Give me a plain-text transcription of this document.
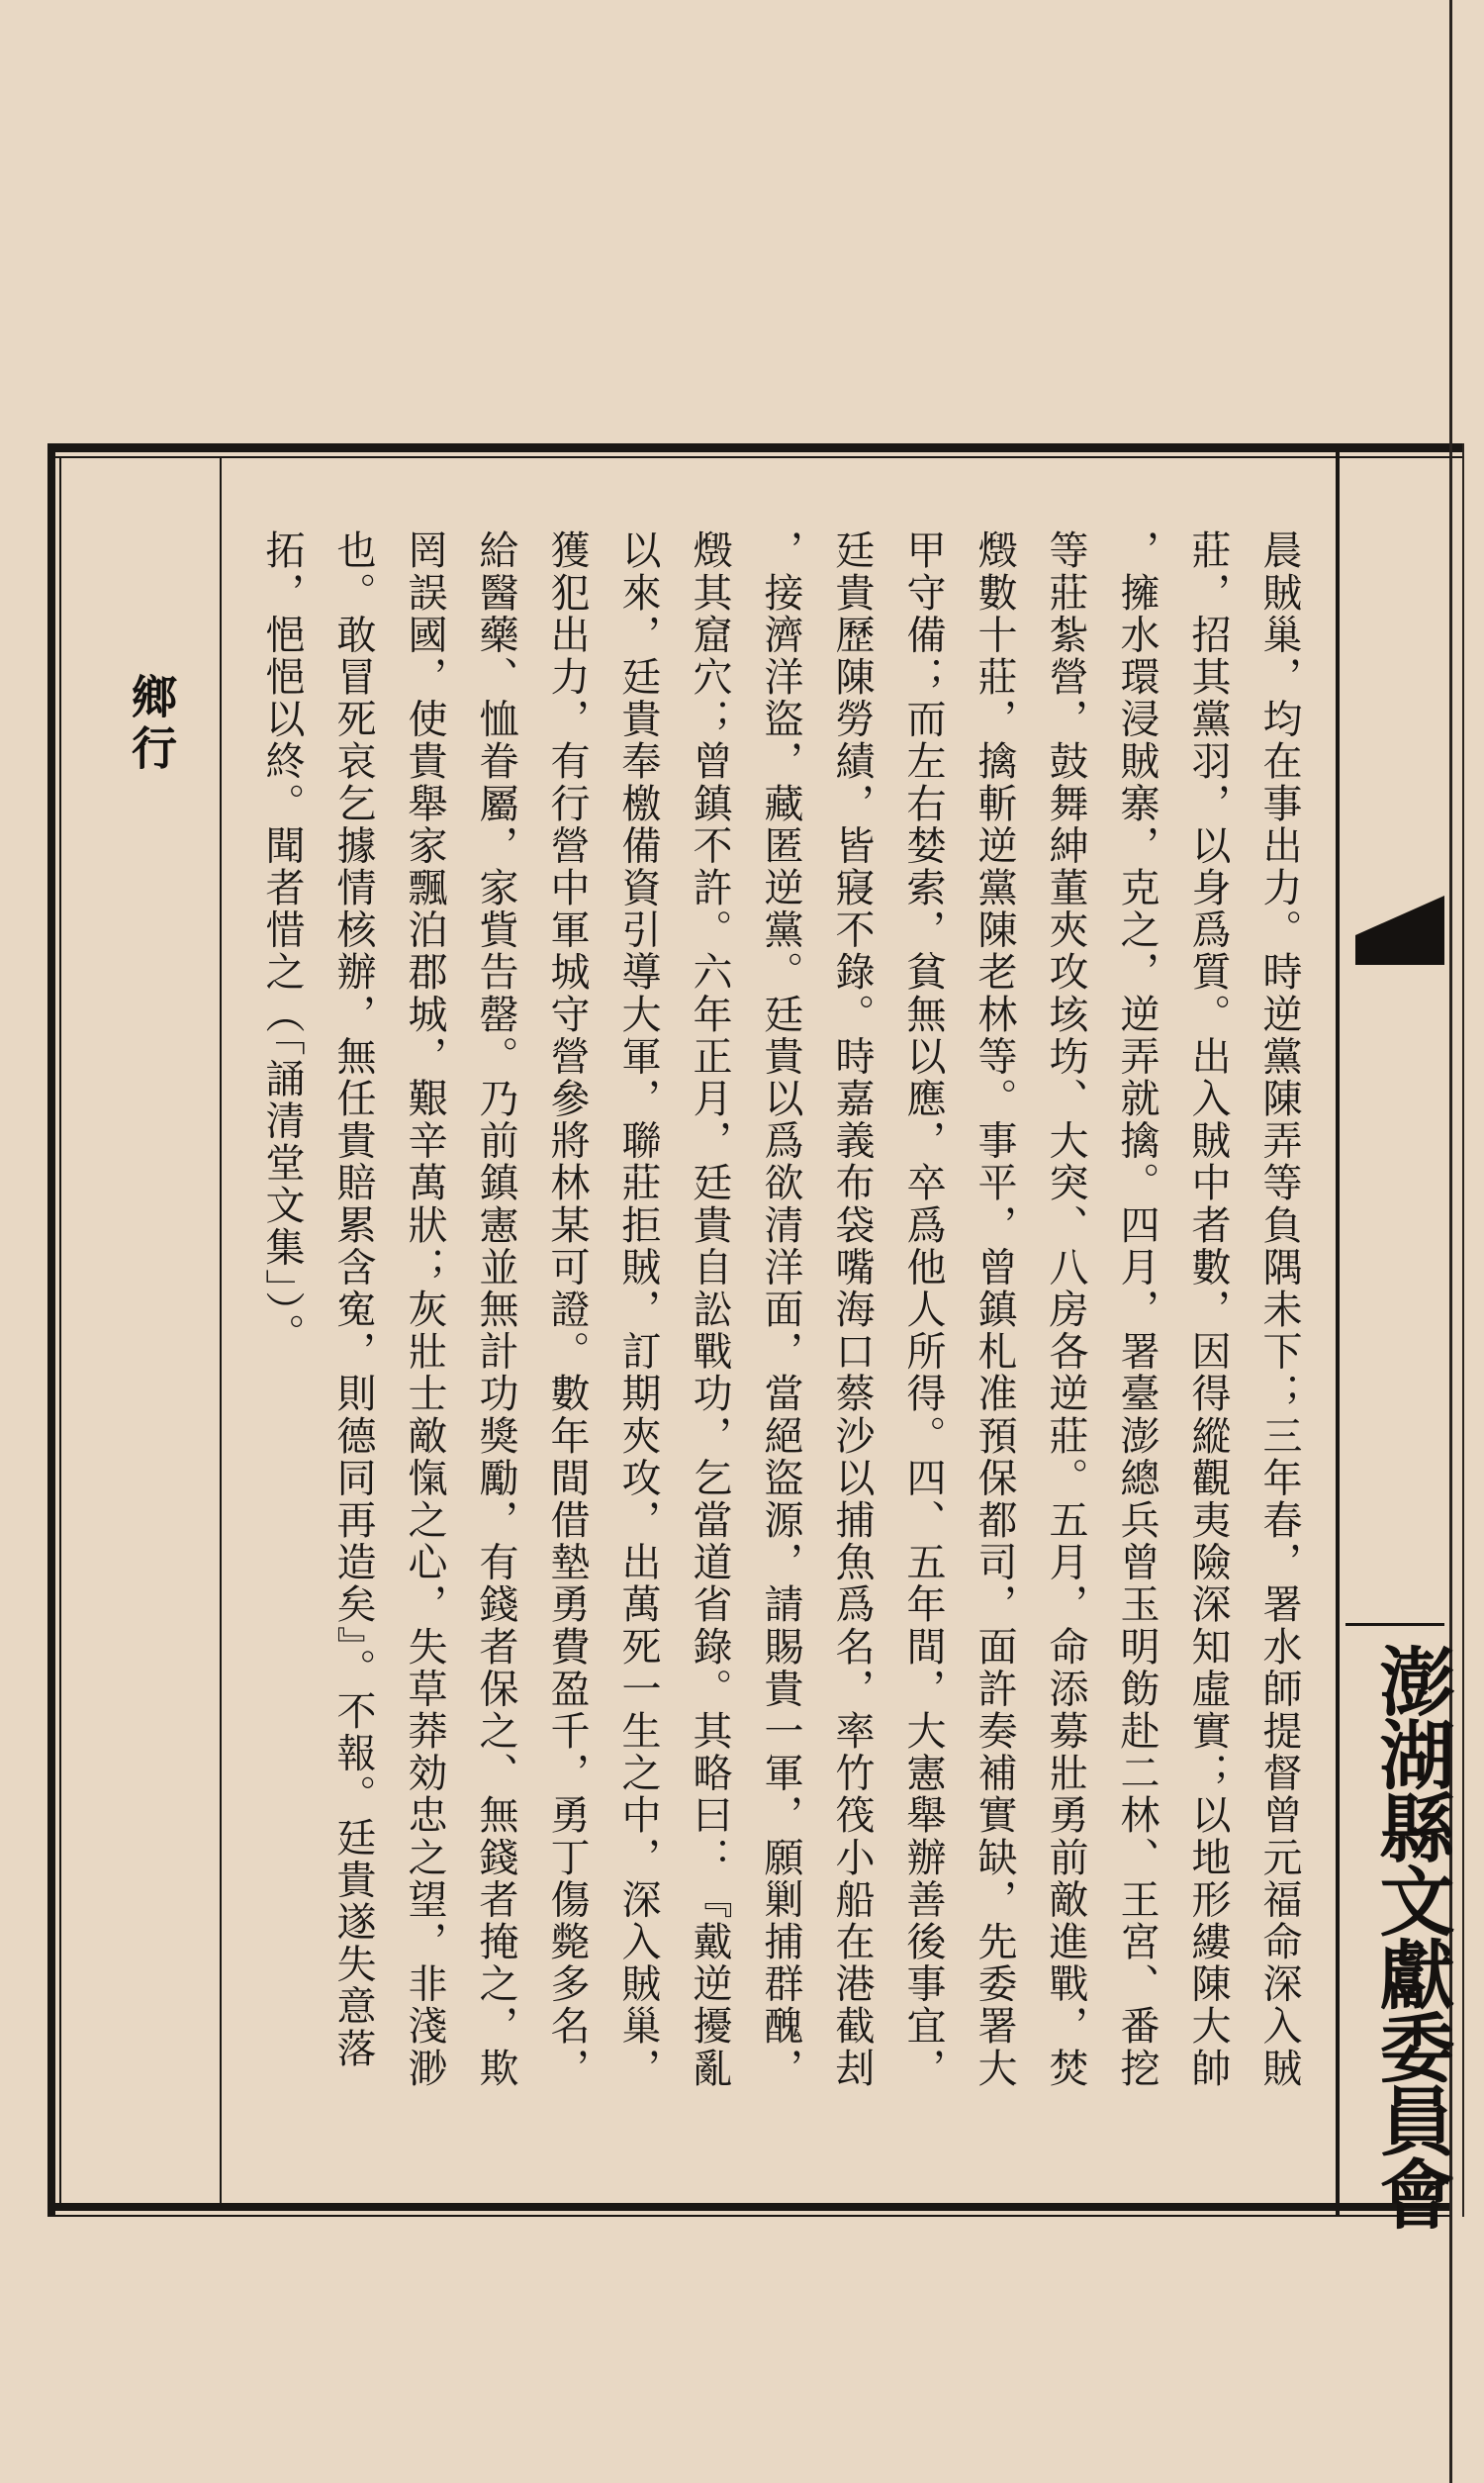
澎湖縣文獻委員會
鄉行	晨賊巢，均在事出力。時逆黨陳弄等負隅未下；三年春，署水師提督曾元福命深入賊
莊，招其黨羽，以身爲質。出入賊中者數，因得縱觀夷險深知虛實；以地形縷陳大帥
，擁水環浸賊寨，克之，逆弄就擒。四月，署臺澎總兵曾玉明飭赴二林、王宮、番挖
等莊紮營，鼓舞紳董夾攻垓㘯、大突、八房各逆莊。五月，命添募壯勇前敵進戰，焚
燬數十莊，擒斬逆黨陳老林等。事平，曾鎮札准預保都司，面許奏補實缺，先委署大
甲守備；而左右婪索，貧無以應，卒爲他人所得。四、五年間，大憲舉辦善後事宜，
廷貴歷陳勞績，皆寢不錄。時嘉義布袋嘴海口蔡沙以捕魚爲名，率竹筏小船在港截刦
，接濟洋盜，藏匿逆黨。廷貴以爲欲清洋面，當絕盜源，請賜貴一軍，願剿捕群醜，
燬其窟穴；曾鎮不許。六年正月，廷貴自訟戰功，乞當道省錄。其略曰：『戴逆擾亂
以來，廷貴奉檄備資引導大軍，聯莊拒賊，訂期夾攻，出萬死一生之中，深入賊巢，
獲犯出力，有行營中軍城守營參將林某可證。數年間借墊勇費盈千，勇丁傷斃多名，
給醫藥、恤眷屬，家貲告罄。乃前鎮憲並無計功獎勵，有錢者保之、無錢者掩之，欺
罔誤國，使貴舉家飄泊郡城，艱辛萬狀；灰壯士敵愾之心，失草莽効忠之望，非淺渺
也。敢冒死哀乞據情核辦，無任貴賠累含寃，則德同再造矣』。不報。廷貴遂失意落
拓，悒悒以終。聞者惜之（「誦清堂文集」）。
